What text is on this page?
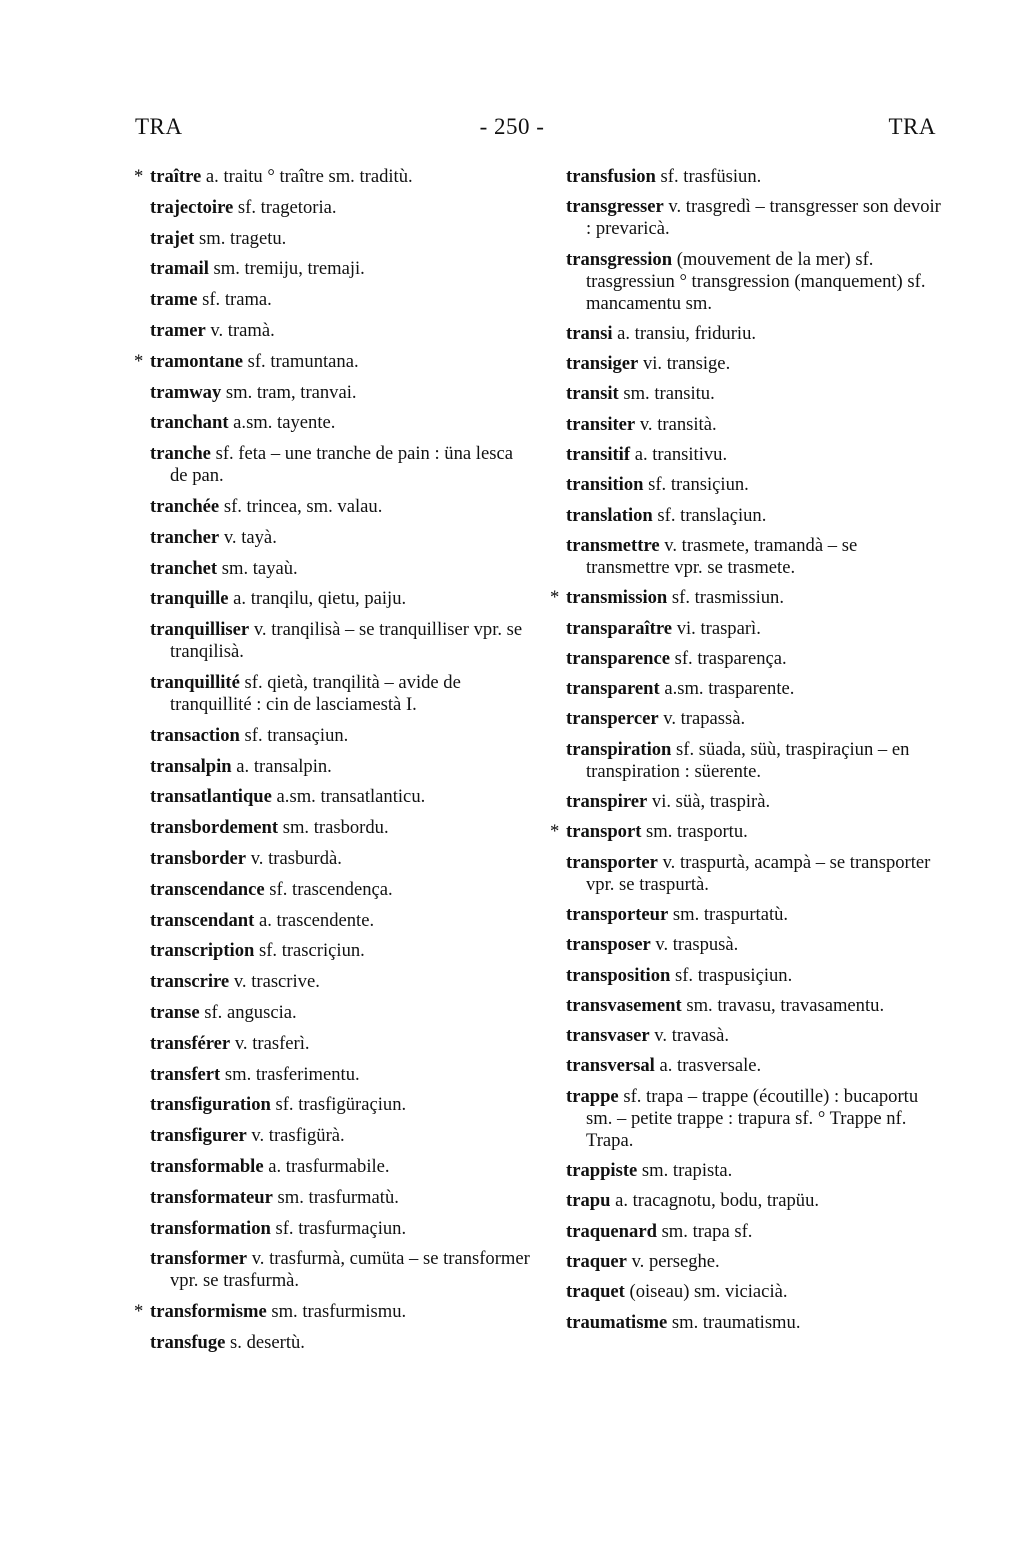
TRA	- 250 -	TRA
* traître a. traitu ° traître sm. traditù.

trajectoire sf. tragetoria.

trajet sm. tragetu.

tramail sm. tremiju, tremaji.

trame sf. trama.

tramer v. tramà.

* tramontane sf. tramuntana.

tramway sm. tram, tranvai.

tranchant a.sm. tayente.

tranche sf. feta – une tranche de pain : üna lesca de pan.

tranchée sf. trincea, sm. valau.

trancher v. tayà.

tranchet sm. tayaù.

tranquille a. tranqilu, qietu, paiju.

tranquilliser v. tranqilisà – se tranquilliser vpr. se tranqilisà.

tranquillité sf. qietà, tranqilità – avide de tranquillité : cin de lasciamestà I.

transaction sf. transaçiun.

transalpin a. transalpin.

transatlantique a.sm. transatlanticu.

transbordement sm. trasbordu.

transborder v. trasburdà.

transcendance sf. trascendença.

transcendant a. trascendente.

transcription sf. trascriçiun.

transcrire v. trascrive.

transe sf. anguscia.

transférer v. trasferì.

transfert sm. trasferimentu.

transfiguration sf. trasfigüraçiun.

transfigurer v. trasfigürà.

transformable a. trasfurmabile.

transformateur sm. trasfurmatù.

transformation sf. trasfurmaçiun.

transformer v. trasfurmà, cumüta – se transformer vpr. se trasfurmà.

* transformisme sm. trasfurmismu.

transfuge s. desertù.

transfusion sf. trasfüsiun.

transgresser v. trasgredì – transgresser son devoir : prevaricà.

transgression (mouvement de la mer) sf. trasgressiun ° transgression (manquement) sf. mancamentu sm.

transi a. transiu, friduriu.

transiger vi. transige.

transit sm. transitu.

transiter v. transità.

transitif a. transitivu.

transition sf. transiçiun.

translation sf. translaçiun.

transmettre v. trasmete, tramandà – se transmettre vpr. se trasmete.

* transmission sf. trasmissiun.

transparaître vi. trasparì.

transparence sf. trasparença.

transparent a.sm. trasparente.

transpercer v. trapassà.

transpiration sf. süada, süù, traspiraçiun – en transpiration : süerente.

transpirer vi. süà, traspirà.

* transport sm. trasportu.

transporter v. traspurtà, acampà – se transporter vpr. se traspurtà.

transporteur sm. traspurtatù.

transposer v. traspusà.

transposition sf. traspusiçiun.

transvasement sm. travasu, travasamentu.

transvaser v. travasà.

transversal a. trasversale.

trappe sf. trapa – trappe (écoutille) : bucaportu sm. – petite trappe : trapura sf. ° Trappe nf. Trapa.

trappiste sm. trapista.

trapu a. tracagnotu, bodu, trapüu.

traquenard sm. trapa sf.

traquer v. perseghe.

traquet (oiseau) sm. viciacià.

traumatisme sm. traumatismu.
